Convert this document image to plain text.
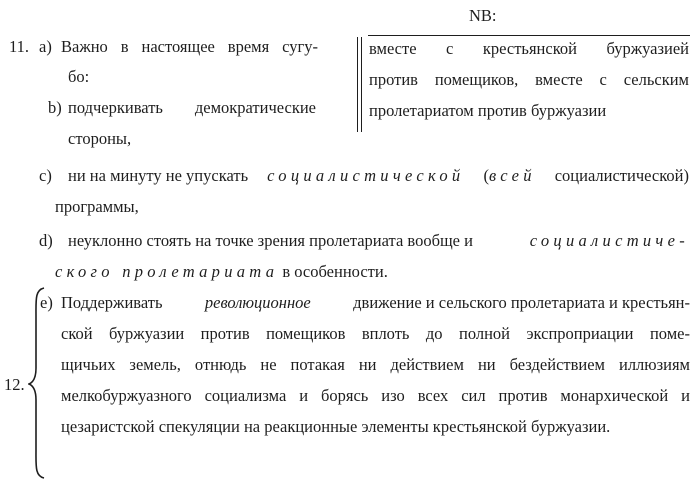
NB:
вместе с крестьянской буржуазией
против помещиков, вместе с сельским
пролетариатом против буржуазии
11. a) Важно в настоящее время сугу-
бо:
b) подчеркивать демократические
стороны,
c) ни на минуту не упускать социалистической (всей социалистической)
программы,
d) неуклонно стоять на точке зрения пролетариата вообще и	социалистиче-
ского пролетариата в особенности.
12.
e) Поддерживать	революционное	движение и сельского пролетариата и крестьян-
ской буржуазии против помещиков вплоть до полной экспроприации поме-
щичьих земель, отнюдь не потакая ни действием ни бездействием иллюзиям
мелкобуржуазного социализма и борясь изо всех сил против монархической и
цезаристской спекуляции на реакционные элементы крестьянской буржуазии.
